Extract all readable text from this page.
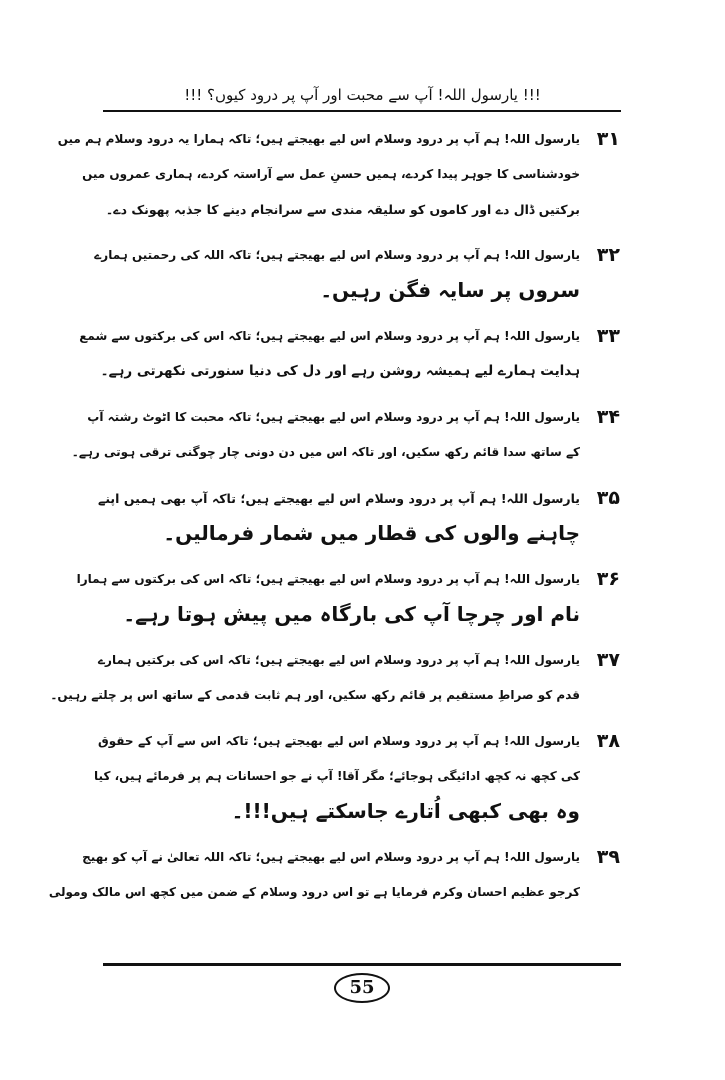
!!! یارسول اللہ! آپ سے محبت اور آپ پر درود کیوں؟ !!!
۳۱
یارسول اللہ! ہم آپ پر درود وسلام اس لیے بھیجتے ہیں؛ تاکہ ہمارا یہ درود وسلام ہم میں
خودشناسی کا جوہر پیدا کردے، ہمیں حسنِ عمل سے آراستہ کردے، ہماری عمروں میں
برکتیں ڈال دے اور کاموں کو سلیقہ مندی سے سرانجام دینے کا جذبہ پھونک دے۔
۳۲
یارسول اللہ! ہم آپ پر درود وسلام اس لیے بھیجتے ہیں؛ تاکہ اللہ کی رحمتیں ہمارے
سروں پر سایہ فگن رہیں۔
۳۳
یارسول اللہ! ہم آپ پر درود وسلام اس لیے بھیجتے ہیں؛ تاکہ اس کی برکتوں سے شمع
ہدایت ہمارے لیے ہمیشہ روشن رہے اور دل کی دنیا سنورتی نکھرتی رہے۔
۳۴
یارسول اللہ! ہم آپ پر درود وسلام اس لیے بھیجتے ہیں؛ تاکہ محبت کا اٹوٹ رشتہ آپ
کے ساتھ سدا قائم رکھ سکیں، اور تاکہ اس میں دن دونی چار چوگنی ترقی ہوتی رہے۔
۳۵
یارسول اللہ! ہم آپ پر درود وسلام اس لیے بھیجتے ہیں؛ تاکہ آپ بھی ہمیں اپنے
چاہنے والوں کی قطار میں شمار فرمالیں۔
۳۶
یارسول اللہ! ہم آپ پر درود وسلام اس لیے بھیجتے ہیں؛ تاکہ اس کی برکتوں سے ہمارا
نام اور چرچا آپ کی بارگاہ میں پیش ہوتا رہے۔
۳۷
یارسول اللہ! ہم آپ پر درود وسلام اس لیے بھیجتے ہیں؛ تاکہ اس کی برکتیں ہمارے
قدم کو صراطِ مستقیم پر قائم رکھ سکیں، اور ہم ثابت قدمی کے ساتھ اس پر چلتے رہیں۔
۳۸
یارسول اللہ! ہم آپ پر درود وسلام اس لیے بھیجتے ہیں؛ تاکہ اس سے آپ کے حقوق
کی کچھ نہ کچھ ادائیگی ہوجائے؛ مگر آقا! آپ نے جو احسانات ہم پر فرمائے ہیں، کیا
وہ بھی کبھی اُتارے جاسکتے ہیں!!!۔
۳۹
یارسول اللہ! ہم آپ پر درود وسلام اس لیے بھیجتے ہیں؛ تاکہ اللہ تعالیٰ نے آپ کو بھیج
کرجو عظیم احسان وکرم فرمایا ہے تو اس درود وسلام کے ضمن میں کچھ اس مالک ومولی
55
